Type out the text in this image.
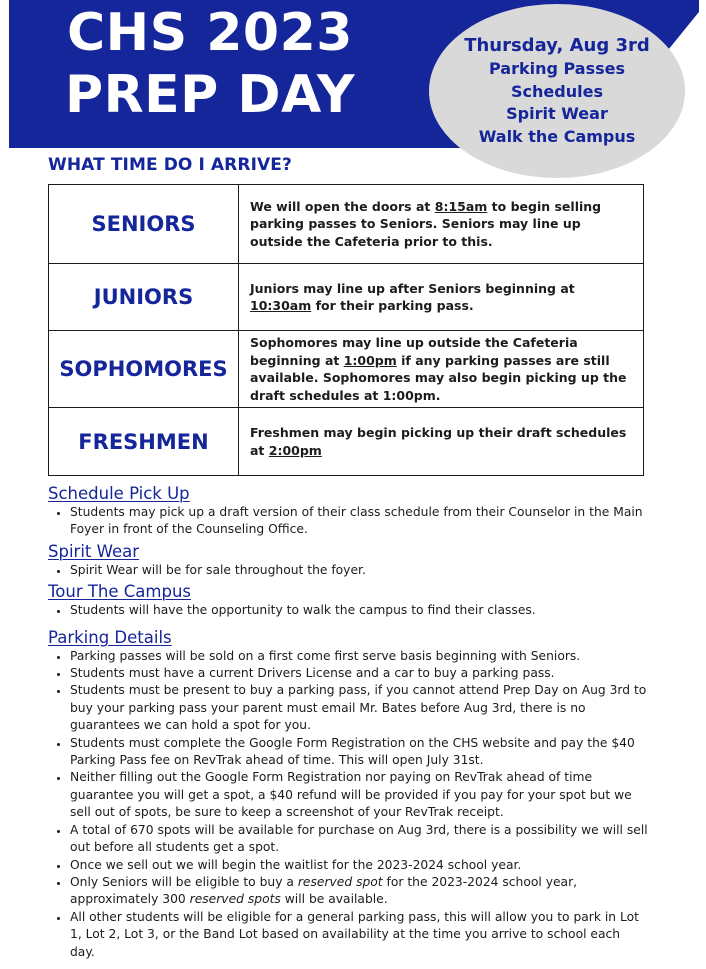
CHS 2023
PREP DAY
Thursday, Aug 3rd
Parking Passes
Schedules
Spirit Wear
Walk the Campus
WHAT TIME DO I ARRIVE?
SENIORS	We will open the doors at 8:15am to begin selling parking passes to Seniors. Seniors may line up outside the Cafeteria prior to this.
JUNIORS	Juniors may line up after Seniors beginning at 10:30am for their parking pass.
SOPHOMORES	Sophomores may line up outside the Cafeteria beginning at 1:00pm if any parking passes are still available. Sophomores may also begin picking up the draft schedules at 1:00pm.
FRESHMEN	Freshmen may begin picking up their draft schedules at 2:00pm
Schedule Pick Up
• Students may pick up a draft version of their class schedule from their Counselor in the Main Foyer in front of the Counseling Office.
Spirit Wear
• Spirit Wear will be for sale throughout the foyer.
Tour The Campus
• Students will have the opportunity to walk the campus to find their classes.
Parking Details
• Parking passes will be sold on a first come first serve basis beginning with Seniors.
• Students must have a current Drivers License and a car to buy a parking pass.
• Students must be present to buy a parking pass, if you cannot attend Prep Day on Aug 3rd to buy your parking pass your parent must email Mr. Bates before Aug 3rd, there is no guarantees we can hold a spot for you.
• Students must complete the Google Form Registration on the CHS website and pay the $40 Parking Pass fee on RevTrak ahead of time. This will open July 31st.
• Neither filling out the Google Form Registration nor paying on RevTrak ahead of time guarantee you will get a spot, a $40 refund will be provided if you pay for your spot but we sell out of spots, be sure to keep a screenshot of your RevTrak receipt.
• A total of 670 spots will be available for purchase on Aug 3rd, there is a possibility we will sell out before all students get a spot.
• Once we sell out we will begin the waitlist for the 2023-2024 school year.
• Only Seniors will be eligible to buy a reserved spot for the 2023-2024 school year, approximately 300 reserved spots will be available.
• All other students will be eligible for a general parking pass, this will allow you to park in Lot 1, Lot 2, Lot 3, or the Band Lot based on availability at the time you arrive to school each day.
